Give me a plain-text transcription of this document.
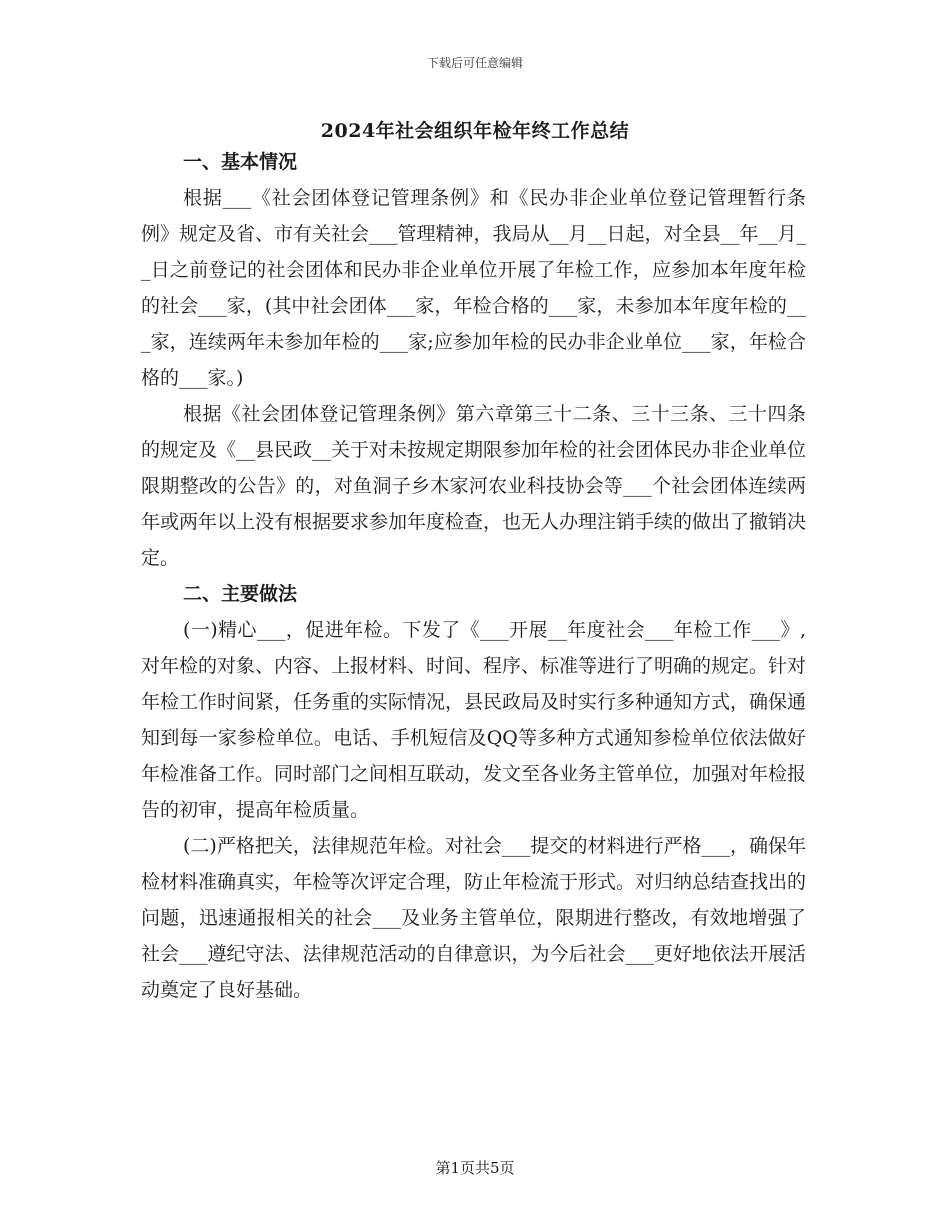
下载后可任意编辑
2024年社会组织年检年终工作总结

一、基本情况

根据___《社会团体登记管理条例》和《民办非企业单位登记管理暂行条例》规定及省、市有关社会___管理精神，我局从__月__日起，对全县__年__月__日之前登记的社会团体和民办非企业单位开展了年检工作，应参加本年度年检的社会___家，(其中社会团体___家，年检合格的___家，未参加本年度年检的___家，连续两年未参加年检的___家;应参加年检的民办非企业单位___家，年检合格的___家。)

根据《社会团体登记管理条例》第六章第三十二条、三十三条、三十四条的规定及《__县民政__关于对未按规定期限参加年检的社会团体民办非企业单位限期整改的公告》的，对鱼洞子乡木家河农业科技协会等___个社会团体连续两年或两年以上没有根据要求参加年度检查，也无人办理注销手续的做出了撤销决定。

二、主要做法

(一)精心___，促进年检。下发了《___开展__年度社会___年检工作___》,对年检的对象、内容、上报材料、时间、程序、标准等进行了明确的规定。针对年检工作时间紧，任务重的实际情况，县民政局及时实行多种通知方式，确保通知到每一家参检单位。电话、手机短信及QQ等多种方式通知参检单位依法做好年检准备工作。同时部门之间相互联动，发文至各业务主管单位，加强对年检报告的初审，提高年检质量。

(二)严格把关，法律规范年检。对社会___提交的材料进行严格___，确保年检材料准确真实，年检等次评定合理，防止年检流于形式。对归纳总结查找出的问题，迅速通报相关的社会___及业务主管单位，限期进行整改，有效地增强了社会___遵纪守法、法律规范活动的自律意识，为今后社会___更好地依法开展活动奠定了良好基础。

第1页共5页
